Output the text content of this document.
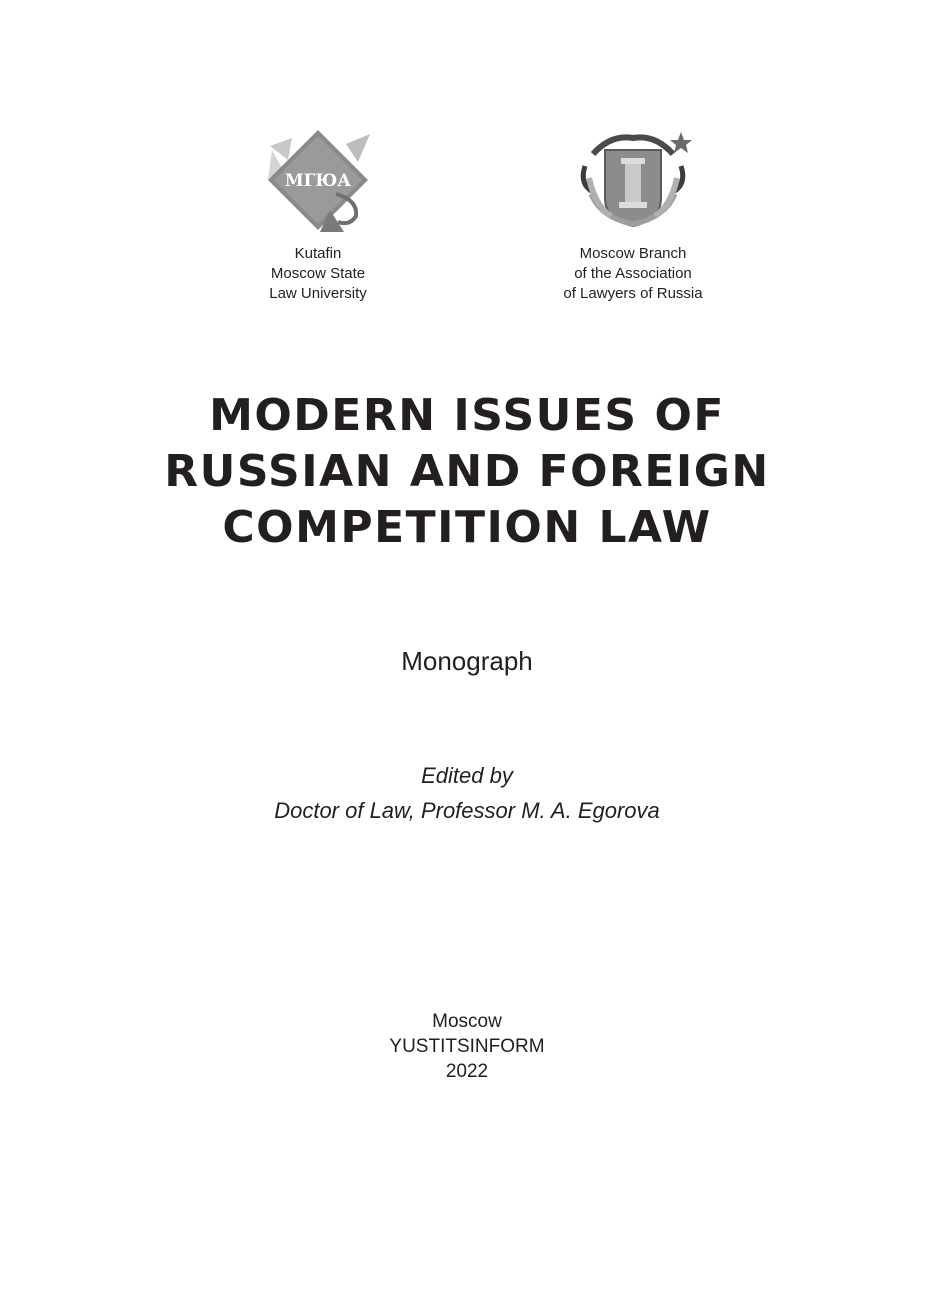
МГЮА
Kutafin
Moscow State
Law University
Moscow Branch
of the Association
of Lawyers of Russia
MODERN ISSUES OF
RUSSIAN AND FOREIGN
COMPETITION LAW
Monograph
Edited by
Doctor of Law, Professor M. A. Egorova
Moscow
YUSTITSINFORM
2022
